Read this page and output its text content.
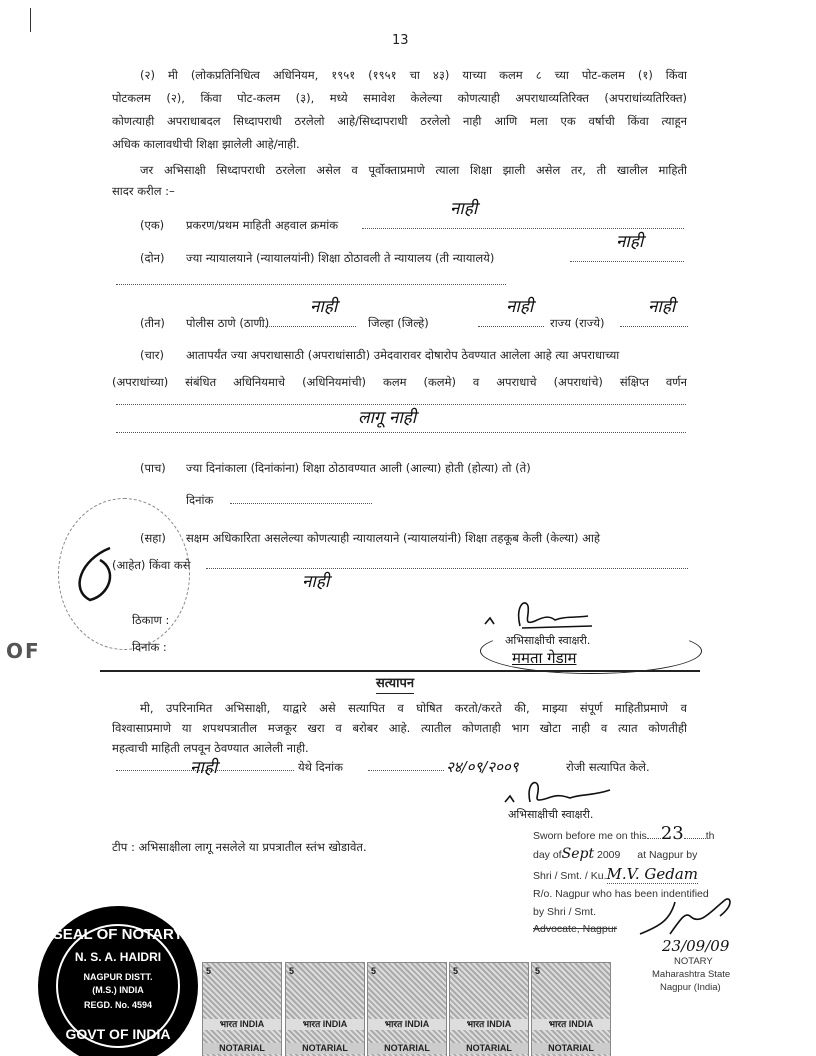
13
(२) मी (लोकप्रतिनिधित्व अधिनियम, १९५१ (१९५१ चा ४३) याच्या कलम ८ च्या पोट-कलम (१) किंवा
पोटकलम (२), किंवा पोट-कलम (३), मध्ये समावेश केलेल्या कोणत्याही अपराधाव्यतिरिक्त (अपराधांव्यतिरिक्त)
कोणत्याही अपराधाबदल सिध्दापराधी ठरलेलो आहे/सिध्दापराधी ठरलेलो नाही आणि मला एक वर्षाची किंवा त्याहून
अधिक कालावधीची शिक्षा झालेली आहे/नाही.
जर अभिसाक्षी सिध्दापराधी ठरलेला असेल व पूर्वोक्ताप्रमाणे त्याला शिक्षा झाली असेल तर, ती खालील माहिती
सादर करील :–
(एक) प्रकरण/प्रथम माहिती अहवाल क्रमांक
नाही
(दोन) ज्या न्यायालयाने (न्यायालयांनी) शिक्षा ठोठावली ते न्यायालय (ती न्यायालये)
नाही
(तीन) पोलीस ठाणे (ठाणी)
नाही
जिल्हा (जिल्हे)
नाही
राज्य (राज्ये)
नाही
(चार) आतापर्यंत ज्या अपराधासाठी (अपराधांसाठी) उमेदवारावर दोषारोप ठेवण्यात आलेला आहे त्या अपराधाच्या
(अपराधांच्या) संबंधित अधिनियमाचे (अधिनियमांची) कलम (कलमे) व अपराधाचे (अपराधांचे) संक्षिप्त वर्णन
लागू नाही
(पाच) ज्या दिनांकाला (दिनांकांना) शिक्षा ठोठावण्यात आली (आल्या) होती (होत्या) तो (ते)
दिनांक
OF
(सहा) सक्षम अधिकारिता असलेल्या कोणत्याही न्यायालयाने (न्यायालयांनी) शिक्षा तहकूब केली (केल्या) आहे
(आहेत) किंवा कसे
नाही
ठिकाण :
दिनांक :	अभिसाक्षीची स्वाक्षरी.
ममता गेडाम
सत्यापन
मी, उपरिनामित अभिसाक्षी, याद्वारे असे सत्यापित व घोषित करतो/करते की, माझ्या संपूर्ण माहितीप्रमाणे व
विश्वासाप्रमाणे या शपथपत्रातील मजकूर खरा व बरोबर आहे. त्यातील कोणताही भाग खोटा नाही व त्यात कोणतीही
महत्वाची माहिती लपवून ठेवण्यात आलेली नाही.
नाही	येथे दिनांक	२४/०९/२००९	रोजी सत्यापित केले.
अभिसाक्षीची स्वाक्षरी.
टीप : अभिसाक्षीला लागू नसलेले या प्रपत्रातील स्तंभ खोडावेत.
Sworn before me on this 23 th
day ofSept 2009 at Nagpur by
Shri / Smt. / Ku.M.V. Gedam
R/o. Nagpur who has been indentified
by Shri / Smt.
Advocate, Nagpur
23/09/09
NOTARY
Maharashtra State
Nagpur (India)
SEAL OF NOTARY
N. S. A. HAIDRI
NAGPUR DISTT.
(M.S.) INDIA
REGD. No. 4594
GOVT OF INDIA
5
भारत INDIA
NOTARIAL
5
भारत INDIA
NOTARIAL
5
भारत INDIA
NOTARIAL
5
भारत INDIA
NOTARIAL
5
भारत INDIA
NOTARIAL
